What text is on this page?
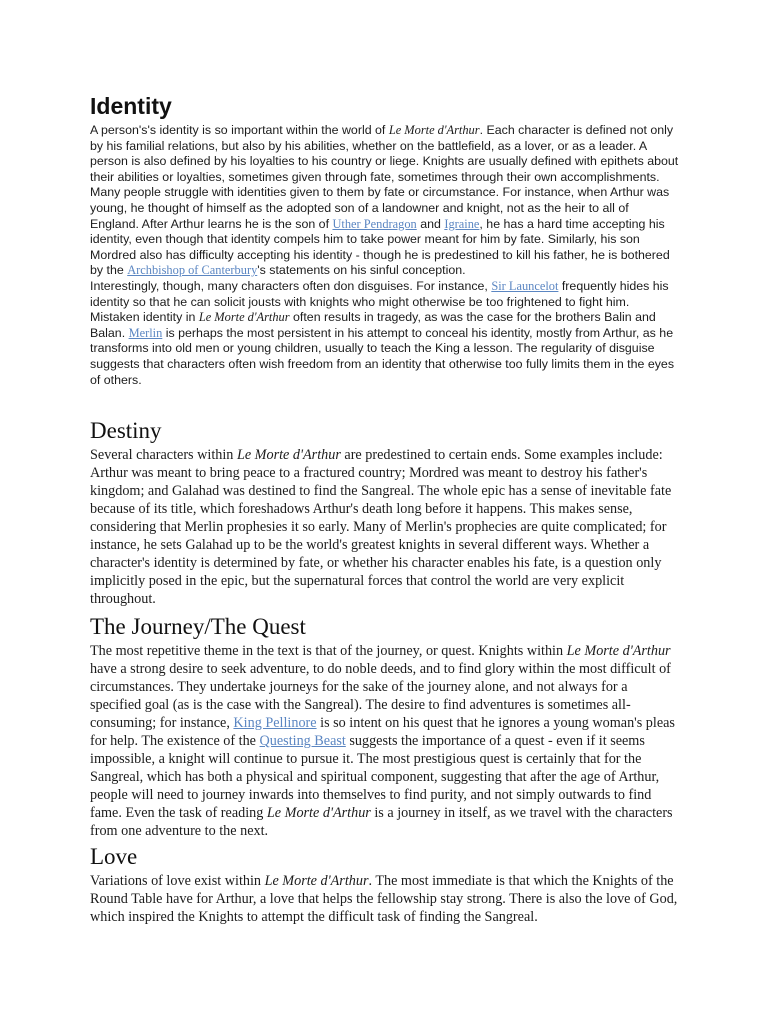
Identity

A person's's identity is so important within the world of Le Morte d'Arthur. Each character is defined not only by his familial relations, but also by his abilities, whether on the battlefield, as a lover, or as a leader. A person is also defined by his loyalties to his country or liege. Knights are usually defined with epithets about their abilities or loyalties, sometimes given through fate, sometimes through their own accomplishments. Many people struggle with identities given to them by fate or circumstance. For instance, when Arthur was young, he thought of himself as the adopted son of a landowner and knight, not as the heir to all of England. After Arthur learns he is the son of Uther Pendragon and Igraine, he has a hard time accepting his identity, even though that identity compels him to take power meant for him by fate. Similarly, his son Mordred also has difficulty accepting his identity - though he is predestined to kill his father, he is bothered by the Archbishop of Canterbury's statements on his sinful conception.

Interestingly, though, many characters often don disguises. For instance, Sir Launcelot frequently hides his identity so that he can solicit jousts with knights who might otherwise be too frightened to fight him. Mistaken identity in Le Morte d'Arthur often results in tragedy, as was the case for the brothers Balin and Balan. Merlin is perhaps the most persistent in his attempt to conceal his identity, mostly from Arthur, as he transforms into old men or young children, usually to teach the King a lesson. The regularity of disguise suggests that characters often wish freedom from an identity that otherwise too fully limits them in the eyes of others.

Destiny

Several characters within Le Morte d'Arthur are predestined to certain ends. Some examples include: Arthur was meant to bring peace to a fractured country; Mordred was meant to destroy his father's kingdom; and Galahad was destined to find the Sangreal. The whole epic has a sense of inevitable fate because of its title, which foreshadows Arthur's death long before it happens. This makes sense, considering that Merlin prophesies it so early. Many of Merlin's prophecies are quite complicated; for instance, he sets Galahad up to be the world's greatest knights in several different ways. Whether a character's identity is determined by fate, or whether his character enables his fate, is a question only implicitly posed in the epic, but the supernatural forces that control the world are very explicit throughout.

The Journey/The Quest

The most repetitive theme in the text is that of the journey, or quest. Knights within Le Morte d'Arthur have a strong desire to seek adventure, to do noble deeds, and to find glory within the most difficult of circumstances. They undertake journeys for the sake of the journey alone, and not always for a specified goal (as is the case with the Sangreal). The desire to find adventures is sometimes all-consuming; for instance, King Pellinore is so intent on his quest that he ignores a young woman's pleas for help. The existence of the Questing Beast suggests the importance of a quest - even if it seems impossible, a knight will continue to pursue it. The most prestigious quest is certainly that for the Sangreal, which has both a physical and spiritual component, suggesting that after the age of Arthur, people will need to journey inwards into themselves to find purity, and not simply outwards to find fame. Even the task of reading Le Morte d'Arthur is a journey in itself, as we travel with the characters from one adventure to the next.

Love

Variations of love exist within Le Morte d'Arthur. The most immediate is that which the Knights of the Round Table have for Arthur, a love that helps the fellowship stay strong. There is also the love of God, which inspired the Knights to attempt the difficult task of finding the Sangreal.
